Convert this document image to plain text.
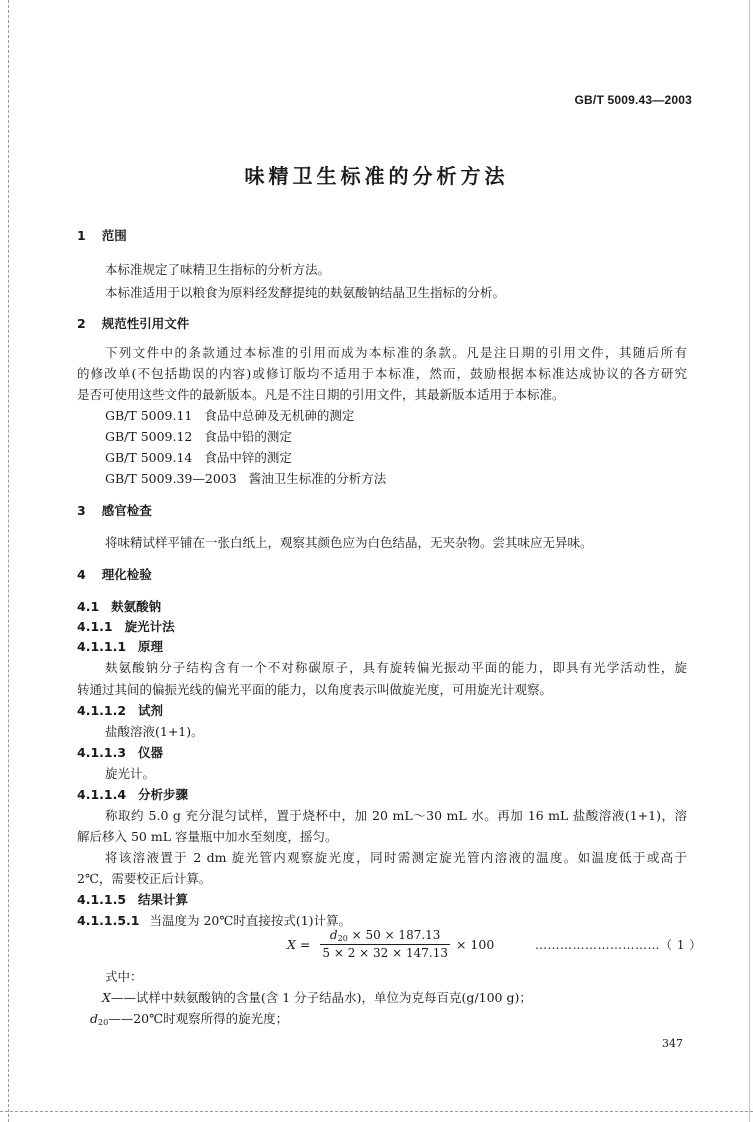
GB/T 5009.43—2003
味精卫生标准的分析方法
1 范围
本标准规定了味精卫生指标的分析方法。
本标准适用于以粮食为原料经发酵提纯的麸氨酸钠结晶卫生指标的分析。
2 规范性引用文件
下列文件中的条款通过本标准的引用而成为本标准的条款。凡是注日期的引用文件，其随后所有
的修改单(不包括勘误的内容)或修订版均不适用于本标准，然而，鼓励根据本标准达成协议的各方研究
是否可使用这些文件的最新版本。凡是不注日期的引用文件，其最新版本适用于本标准。
GB/T 5009.11 食品中总砷及无机砷的测定
GB/T 5009.12 食品中铅的测定
GB/T 5009.14 食品中锌的测定
GB/T 5009.39—2003 酱油卫生标准的分析方法
3 感官检查
将味精试样平铺在一张白纸上，观察其颜色应为白色结晶，无夹杂物。尝其味应无异味。
4 理化检验
4.1 麸氨酸钠
4.1.1 旋光计法
4.1.1.1 原理
麸氨酸钠分子结构含有一个不对称碳原子，具有旋转偏光振动平面的能力，即具有光学活动性，旋
转通过其间的偏振光线的偏光平面的能力，以角度表示叫做旋光度，可用旋光计观察。
4.1.1.2 试剂
盐酸溶液(1+1)。
4.1.1.3 仪器
旋光计。
4.1.1.4 分析步骤
称取约 5.0 g 充分混匀试样，置于烧杯中，加 20 mL～30 mL 水。再加 16 mL 盐酸溶液(1+1)，溶
解后移入 50 mL 容量瓶中加水至刻度，摇匀。
将该溶液置于 2 dm 旋光管内观察旋光度，同时需测定旋光管内溶液的温度。如温度低于或高于
2℃，需要校正后计算。
4.1.1.5 结果计算
4.1.1.5.1 当温度为 20℃时直接按式(1)计算。
$X = \frac{d_{20} \times 50 \times 187.13}{5 \times 2 \times 32 \times 147.13} \times 100$	…………………………（ 1 ）
式中：
X——试样中麸氨酸钠的含量(含 1 分子结晶水)，单位为克每百克(g/100 g)；
$d_{20}——20℃$时观察所得的旋光度；
347
